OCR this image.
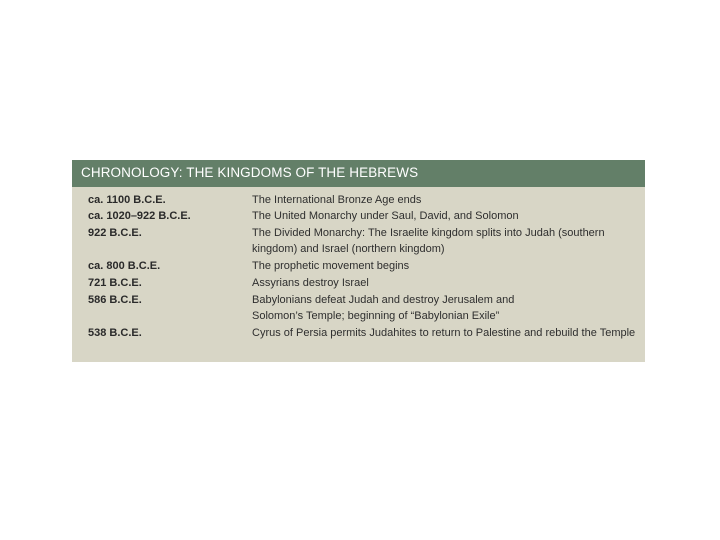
CHRONOLOGY: THE KINGDOMS OF THE HEBREWS
ca. 1100 B.C.E.	The International Bronze Age ends
ca. 1020–922 B.C.E.	The United Monarchy under Saul, David, and Solomon
922 B.C.E.	The Divided Monarchy: The Israelite kingdom splits into Judah (southern kingdom) and Israel (northern kingdom)
ca. 800 B.C.E.	The prophetic movement begins
721 B.C.E.	Assyrians destroy Israel
586 B.C.E.	Babylonians defeat Judah and destroy Jerusalem and Solomon’s Temple; beginning of “Babylonian Exile”
538 B.C.E.	Cyrus of Persia permits Judahites to return to Palestine and rebuild the Temple
